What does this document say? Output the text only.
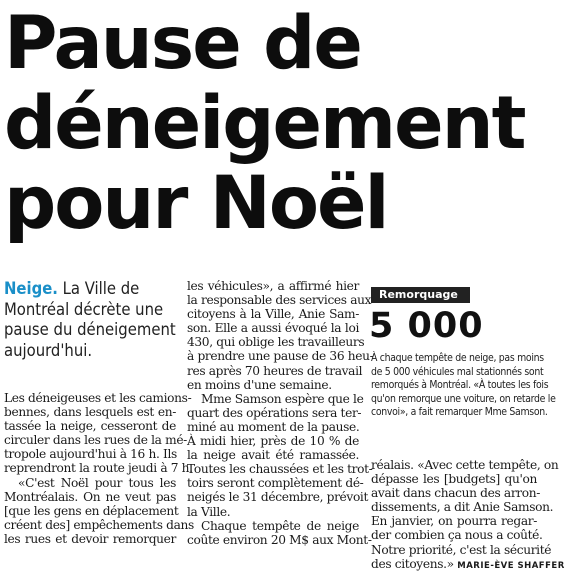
Pause de
déneigement
pour Noël
Neige. La Ville de
Montréal décrète une
pause du déneigement
aujourd'hui.
Les déneigeuses et les camions-
bennes, dans lesquels est en-
tassée la neige, cesseront de
circuler dans les rues de la mé-
tropole aujourd'hui à 16 h. Ils
reprendront la route jeudi à 7 h.
«C'est Noël pour tous les
Montréalais. On ne veut pas
[que les gens en déplacement
créent des] empêchements dans
les rues et devoir remorquer
les véhicules», a affirmé hier
la responsable des services aux
citoyens à la Ville, Anie Sam-
son. Elle a aussi évoqué la loi
430, qui oblige les travailleurs
à prendre une pause de 36 heu-
res après 70 heures de travail
en moins d'une semaine.
Mme Samson espère que le
quart des opérations sera ter-
miné au moment de la pause.
À midi hier, près de 10 % de
la neige avait été ramassée.
Toutes les chaussées et les trot-
toirs seront complètement dé-
neigés le 31 décembre, prévoit
la Ville.
Chaque tempête de neige
coûte environ 20 M$ aux Mont-
Remorquage
5 000
À chaque tempête de neige, pas moins
de 5 000 véhicules mal stationnés sont
remorqués à Montréal. «À toutes les fois
qu'on remorque une voiture, on retarde le
convoi», a fait remarquer Mme Samson.
réalais. «Avec cette tempête, on
dépasse les [budgets] qu'on
avait dans chacun des arron-
dissements, a dit Anie Samson.
En janvier, on pourra regar-
der combien ça nous a coûté.
Notre priorité, c'est la sécurité
des citoyens.» MARIE-ÈVE SHAFFER
